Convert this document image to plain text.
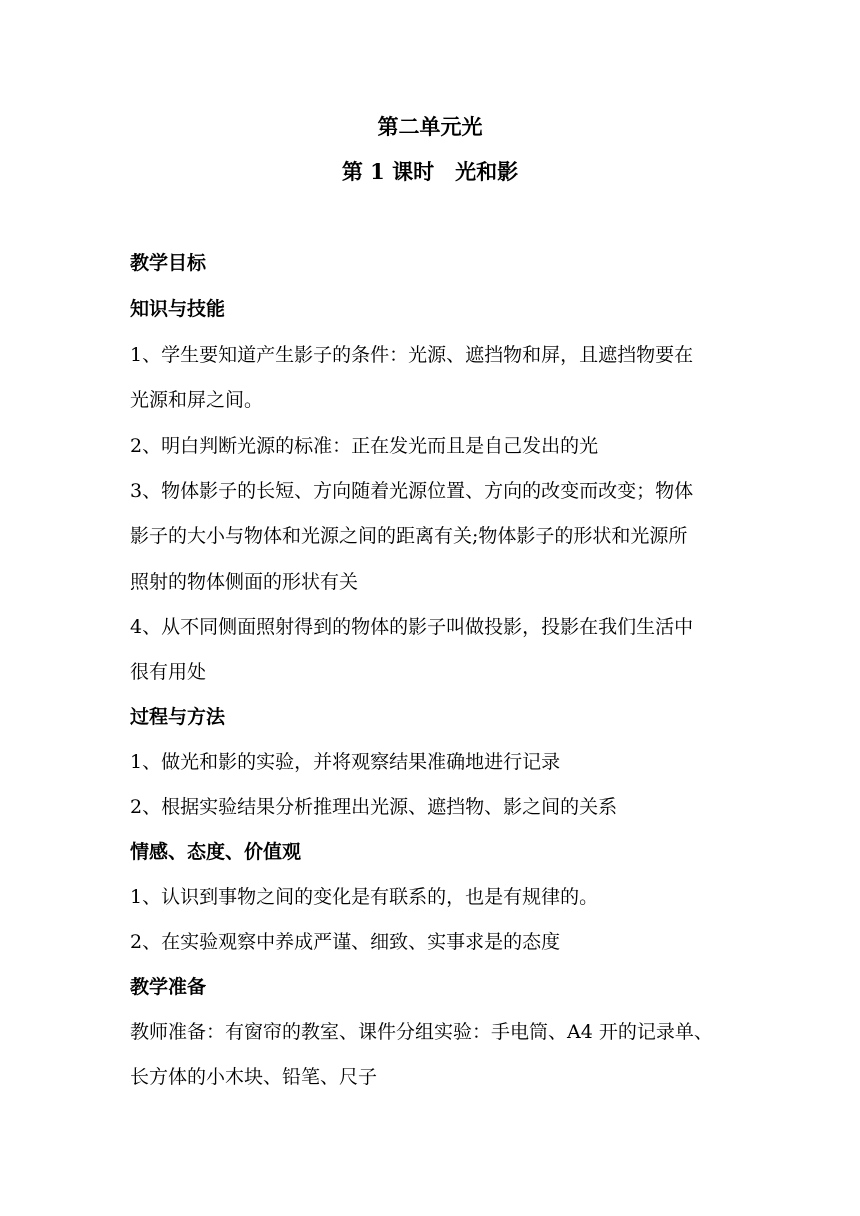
第二单元光
第 1 课时　光和影
教学目标
知识与技能
1、学生要知道产生影子的条件：光源、遮挡物和屏，且遮挡物要在
光源和屏之间。
2、明白判断光源的标准：正在发光而且是自己发出的光
3、物体影子的长短、方向随着光源位置、方向的改变而改变；物体
影子的大小与物体和光源之间的距离有关;物体影子的形状和光源所
照射的物体侧面的形状有关
4、从不同侧面照射得到的物体的影子叫做投影，投影在我们生活中
很有用处
过程与方法
1、做光和影的实验，并将观察结果准确地进行记录
2、根据实验结果分析推理出光源、遮挡物、影之间的关系
情感、态度、价值观
1、认识到事物之间的变化是有联系的，也是有规律的。
2、在实验观察中养成严谨、细致、实事求是的态度
教学准备
教师准备：有窗帘的教室、课件分组实验：手电筒、A4 开的记录单、
长方体的小木块、铅笔、尺子
